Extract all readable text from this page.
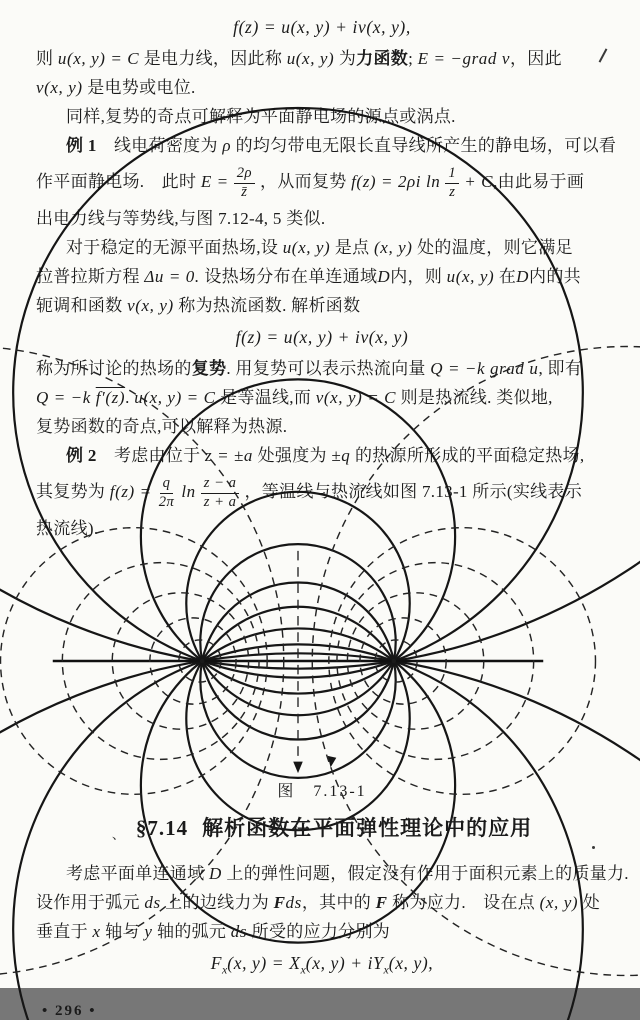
f(z) = u(x, y) + iv(x, y),
则 u(x, y) = C 是电力线，因此称 u(x, y) 为力函数; E = −grad v，因此
v(x, y) 是电势或电位.
同样,复势的奇点可解释为平面静电场的源点或涡点.
例 1　线电荷密度为 ρ 的均匀带电无限长直导线所产生的静电场，可以看
作平面静电场.　此时 $E = \frac{2\rho}{z̄}$ ，从而复势 f(z) = 2ρi $\ln \frac{1}{z} + C$,由此易于画
出电力线与等势线,与图 7.12-4, 5 类似.
对于稳定的无源平面热场,设 u(x, y) 是点 (x, y) 处的温度，则它满足
拉普拉斯方程 Δu = 0. 设热场分布在单连通域D内，则 u(x, y) 在D内的共
轭调和函数 v(x, y) 称为热流函数. 解析函数
f(z) = u(x, y) + iv(x, y)
称为所讨论的热场的复势. 用复势可以表示热流向量 Q = −k grad u, 即有
Q = −k f′(z). u(x, y) = C 是等温线,而 v(x, y) = C 则是热流线. 类似地,
复势函数的奇点,可以解释为热源.
例 2　考虑由位于 z = ±a 处强度为 ±q 的热源所形成的平面稳定热场,
其复势为 $f(z) = \frac{q}{2\pi}$ $\ln \frac{z - a}{z + a}$ ，等温线与热流线如图 7.13-1 所示(实线表示
热流线).
图　7.13-1
、 §7.14 解析函数在平面弹性理论中的应用
考虑平面单连通域 D 上的弹性问题，假定没有作用于面积元素上的质量力.
设作用于弧元 ds 上的边线力为 Fds，其中的 F 称为应力.　设在点 (x, y) 处
垂直于 x 轴与 y 轴的弧元 ds 所受的应力分别为
$F_x(x$, $y) = X_x(x$, $y) + iY_x(x$, y),
• 296 •
